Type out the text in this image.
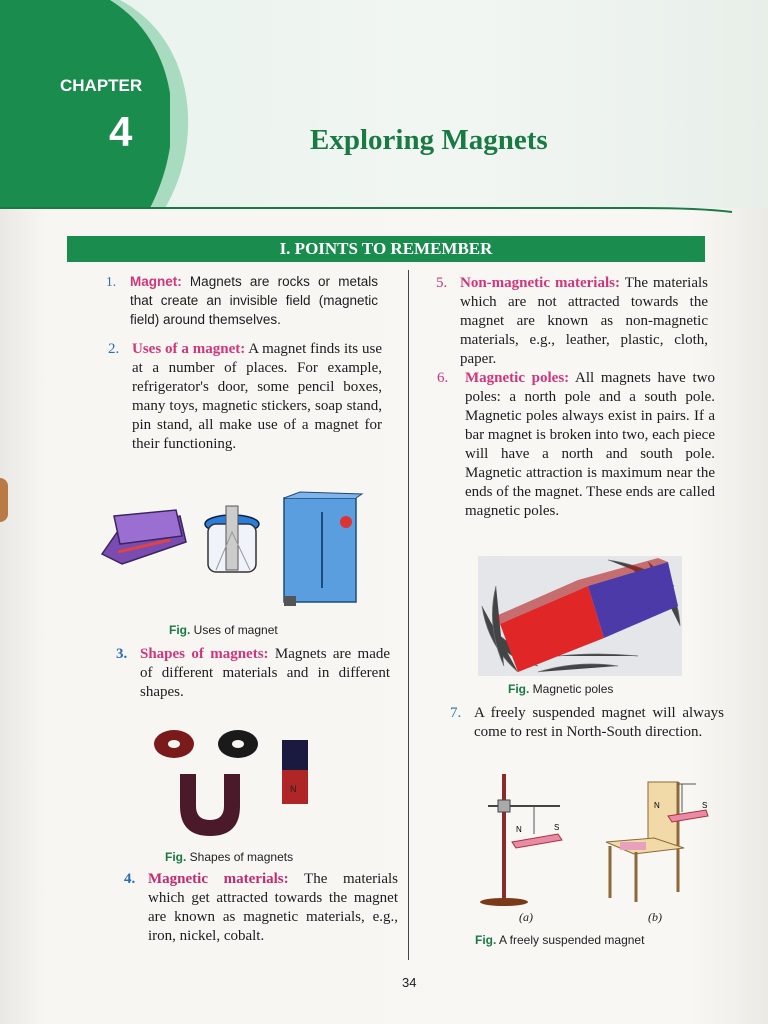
CHAPTER
4	Exploring Magnets
I. POINTS TO REMEMBER
1. Magnet: Magnets are rocks or metals that create an invisible field (magnetic field) around themselves.
2. Uses of a magnet: A magnet finds its use at a number of places. For example, refrigerator's door, some pencil boxes, many toys, magnetic stickers, soap stand, pin stand, all make use of a magnet for their functioning.
Fig. Uses of magnet
3. Shapes of magnets: Magnets are made of different materials and in different shapes.
N
Fig. Shapes of magnets
4. Magnetic materials: The materials which get attracted towards the magnet are known as magnetic materials, e.g., iron, nickel, cobalt.
5. Non-magnetic materials: The materials which are not attracted towards the magnet are known as non-magnetic materials, e.g., leather, plastic, cloth, paper.
6. Magnetic poles: All magnets have two poles: a north pole and a south pole. Magnetic poles always exist in pairs. If a bar magnet is broken into two, each piece will have a north and south pole. Magnetic attraction is maximum near the ends of the magnet. These ends are called magnetic poles.
Fig. Magnetic poles
7. A freely suspended magnet will always come to rest in North-South direction.
N	S
N	S
(a)	(b)
Fig. A freely suspended magnet
34
